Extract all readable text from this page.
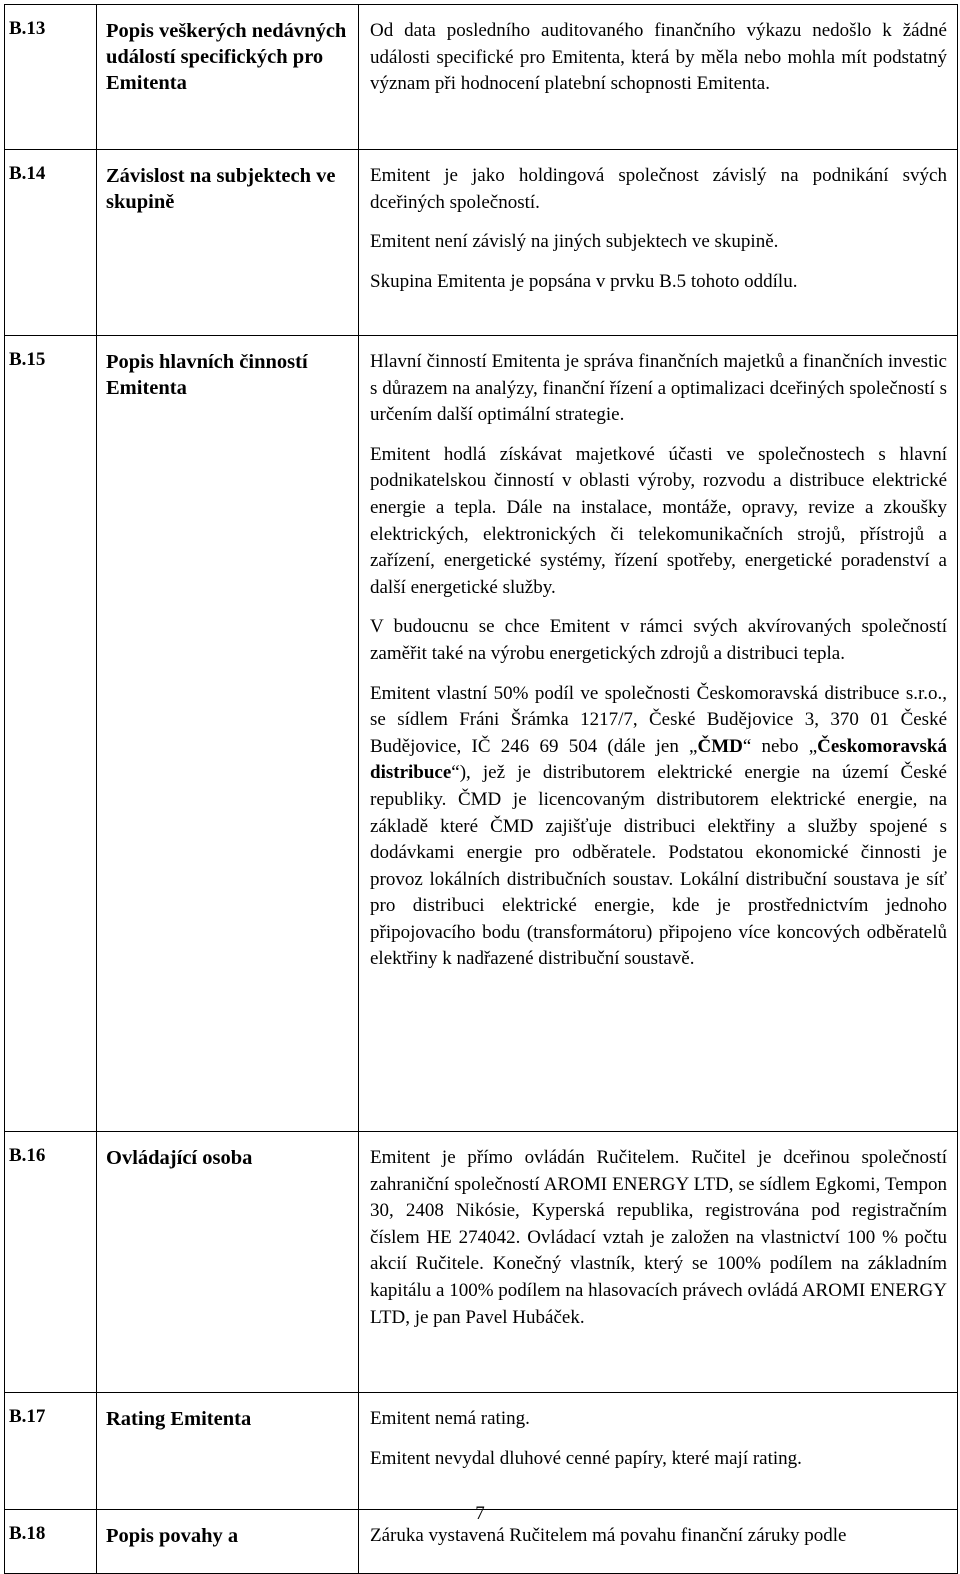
B.13	Popis veškerých nedávných událostí specifických pro Emitenta	Od data posledního auditovaného finančního výkazu nedošlo k žádné události specifické pro Emitenta, která by měla nebo mohla mít podstatný význam při hodnocení platební schopnosti Emitenta.

B.14	Závislost na subjektech ve skupině	Emitent je jako holdingová společnost závislý na podnikání svých dceřiných společností.

Emitent není závislý na jiných subjektech ve skupině.

Skupina Emitenta je popsána v prvku B.5 tohoto oddílu.

B.15	Popis hlavních činností Emitenta	Hlavní činností Emitenta je správa finančních majetků a finančních investic s důrazem na analýzy, finanční řízení a optimalizaci dceřiných společností s určením další optimální strategie.

Emitent hodlá získávat majetkové účasti ve společnostech s hlavní podnikatelskou činností v oblasti výroby, rozvodu a distribuce elektrické energie a tepla. Dále na instalace, montáže, opravy, revize a zkoušky elektrických, elektronických či telekomunikačních strojů, přístrojů a zařízení, energetické systémy, řízení spotřeby, energetické poradenství a další energetické služby.

V budoucnu se chce Emitent v rámci svých akvírovaných společností zaměřit také na výrobu energetických zdrojů a distribuci tepla.

Emitent vlastní 50% podíl ve společnosti Českomoravská distribuce s.r.o., se sídlem Fráni Šrámka 1217/7, České Budějovice 3, 370 01 České Budějovice, IČ 246 69 504 (dále jen „ČMD“ nebo „Českomoravská distribuce“), jež je distributorem elektrické energie na území České republiky. ČMD je licencovaným distributorem elektrické energie, na základě které ČMD zajišťuje distribuci elektřiny a služby spojené s dodávkami energie pro odběratele. Podstatou ekonomické činnosti je provoz lokálních distribučních soustav. Lokální distribuční soustava je síť pro distribuci elektrické energie, kde je prostřednictvím jednoho připojovacího bodu (transformátoru) připojeno více koncových odběratelů elektřiny k nadřazené distribuční soustavě.

B.16	Ovládající osoba	Emitent je přímo ovládán Ručitelem. Ručitel je dceřinou společností zahraniční společností AROMI ENERGY LTD, se sídlem Egkomi, Tempon 30, 2408 Nikósie, Kyperská republika, registrována pod registračním číslem HE 274042. Ovládací vztah je založen na vlastnictví 100 % počtu akcií Ručitele. Konečný vlastník, který se 100% podílem na základním kapitálu a 100% podílem na hlasovacích právech ovládá AROMI ENERGY LTD, je pan Pavel Hubáček.

B.17	Rating Emitenta	Emitent nemá rating.

Emitent nevydal dluhové cenné papíry, které mají rating.

B.18	Popis povahy a	Záruka vystavená Ručitelem má povahu finanční záruky podle

7
